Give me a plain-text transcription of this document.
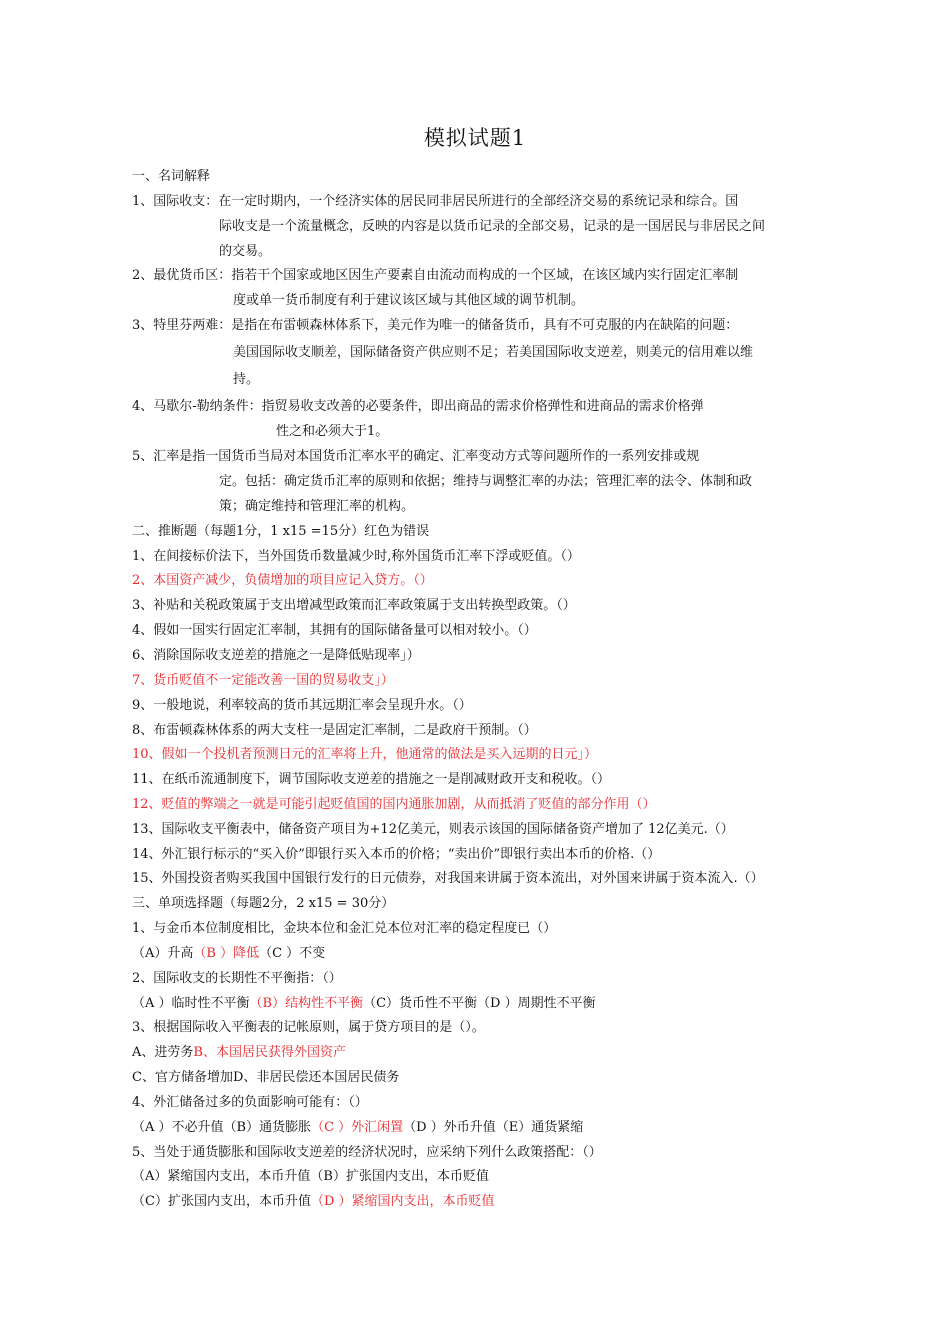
模拟试题1
一、名词解释
1、国际收支：在一定时期内，一个经济实体的居民同非居民所进行的全部经济交易的系统记录和综合。国
际收支是一个流量概念，反映的内容是以货币记录的全部交易，记录的是一国居民与非居民之间
的交易。
2、最优货币区：指若干个国家或地区因生产要素自由流动而构成的一个区域，在该区域内实行固定汇率制
度或单一货币制度有利于建议该区域与其他区域的调节机制。
3、特里芬两难：是指在布雷顿森林体系下，美元作为唯一的储备货币，具有不可克服的内在缺陷的问题：
美国国际收支顺差，国际储备资产供应则不足；若美国国际收支逆差，则美元的信用难以维
持。
4、马歇尔-勒纳条件：指贸易收支改善的必要条件，即出商品的需求价格弹性和进商品的需求价格弹
性之和必须大于1。
5、汇率是指一国货币当局对本国货币汇率水平的确定、汇率变动方式等问题所作的一系列安排或规
定。包括：确定货币汇率的原则和依据；维持与调整汇率的办法；管理汇率的法令、体制和政
策；确定维持和管理汇率的机构。
二、推断题（每题1分，1 x15 =15分）红色为错误
1、在间接标价法下，当外国货币数量减少时,称外国货币汇率下浮或贬值。（）
2、本国资产减少，负债增加的项目应记入贷方。（）
3、补贴和关税政策属于支出增减型政策而汇率政策属于支出转换型政策。（）
4、假如一国实行固定汇率制，其拥有的国际储备量可以相对较小。（）
6、消除国际收支逆差的措施之一是降低贴现率」）
7、货币贬值不一定能改善一国的贸易收支」）
9、一般地说，利率较高的货币其远期汇率会呈现升水。（）
8、布雷顿森林体系的两大支柱一是固定汇率制，二是政府干预制。（）
10、假如一个投机者预测日元的汇率将上升，他通常的做法是买入远期的日元」）
11、在纸币流通制度下，调节国际收支逆差的措施之一是削减财政开支和税收。（）
12、贬值的弊端之一就是可能引起贬值国的国内通胀加剧，从而抵消了贬值的部分作用（）
13、国际收支平衡表中，储备资产项目为+12亿美元，则表示该国的国际储备资产增加了 12亿美元.（）
14、外汇银行标示的“买入价”即银行买入本币的价格；“卖出价”即银行卖出本币的价格.（）
15、外国投资者购买我国中国银行发行的日元债券，对我国来讲属于资本流出，对外国来讲属于资本流入.（）
三、单项选择题（每题2分，2 x15 = 30分）
1、与金币本位制度相比，金块本位和金汇兑本位对汇率的稳定程度已（）
（A）升高（B ）降低（C ）不变
2、国际收支的长期性不平衡指：（）
（A ）临时性不平衡（B）结构性不平衡（C）货币性不平衡（D ）周期性不平衡
3、根据国际收入平衡表的记帐原则，属于贷方项目的是（）。
A、进劳务B、本国居民获得外国资产
C、官方储备增加D、非居民偿还本国居民债务
4、外汇储备过多的负面影响可能有：（）
（A ）不必升值（B）通货膨胀（C ）外汇闲置（D ）外币升值（E）通货紧缩
5、当处于通货膨胀和国际收支逆差的经济状况时，应采纳下列什么政策搭配：（）
（A）紧缩国内支出，本币升值（B）扩张国内支出，本币贬值
（C）扩张国内支出，本币升值（D ）紧缩国内支出，本币贬值
